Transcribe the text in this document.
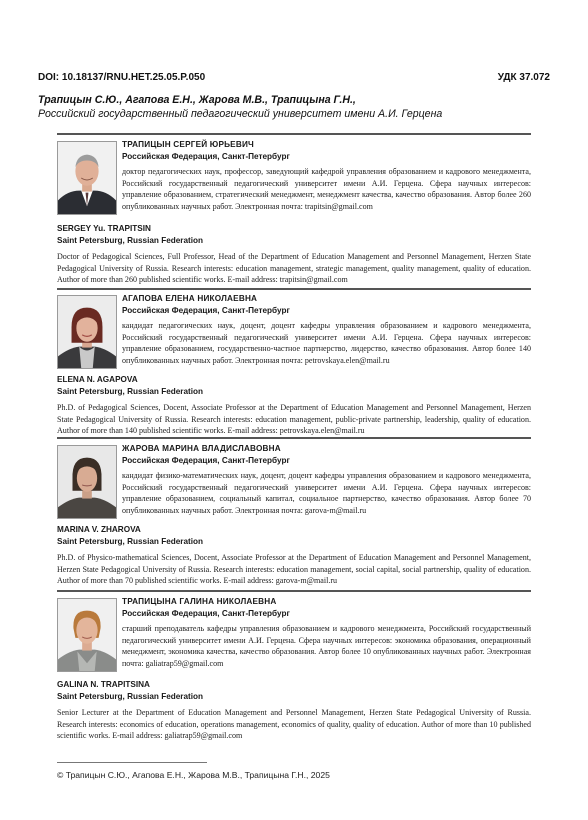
DOI: 10.18137/RNU.HET.25.05.P.050	УДК 37.072
Трапицын С.Ю., Агапова Е.Н., Жарова М.В., Трапицына Г.Н.,
Российский государственный педагогический университет имени А.И. Герцена
ТРАПИЦЫН СЕРГЕЙ ЮРЬЕВИЧ
Российская Федерация, Санкт-Петербург
доктор педагогических наук, профессор, заведующий кафедрой управления образованием и кадрового менеджмента, Российский государственный педагогический университет имени А.И. Герцена. Сфера научных интересов: управление образованием, стратегический менеджмент, менеджмент качества, качество образования. Автор более 260 опубликованных научных работ. Электронная почта: trapitsin@gmail.com
SERGEY Yu. TRAPITSIN
Saint Petersburg, Russian Federation
Doctor of Pedagogical Sciences, Full Professor, Head of the Department of Education Management and Personnel Management, Herzen State Pedagogical University of Russia. Research interests: education management, strategic management, quality management, quality of education. Author of more than 260 published scientific works. E-mail address: trapitsin@gmail.com
АГАПОВА ЕЛЕНА НИКОЛАЕВНА
Российская Федерация, Санкт-Петербург
кандидат педагогических наук, доцент, доцент кафедры управления образованием и кадрового менеджмента, Российский государственный педагогический университет имени А.И. Герцена. Сфера научных интересов: управление образованием, государственно-частное партнерство, лидерство, качество образования. Автор более 140 опубликованных научных работ. Электронная почта: petrovskaya.elen@mail.ru
ELENA N. AGAPOVA
Saint Petersburg, Russian Federation
Ph.D. of Pedagogical Sciences, Docent, Associate Professor at the Department of Education Management and Personnel Management, Herzen State Pedagogical University of Russia. Research interests: education management, public-private partnership, leadership, quality of education. Author of more than 140 published scientific works. E-mail address: petrovskaya.elen@mail.ru
ЖАРОВА МАРИНА ВЛАДИСЛАВОВНА
Российская Федерация, Санкт-Петербург
кандидат физико-математических наук, доцент, доцент кафедры управления образованием и кадрового менеджмента, Российский государственный педагогический университет имени А.И. Герцена. Сфера научных интересов: управление образованием, социальный капитал, социальное партнерство, качество образования. Автор более 70 опубликованных научных работ. Электронная почта: garova-m@mail.ru
MARINA V. ZHAROVA
Saint Petersburg, Russian Federation
Ph.D. of Physico-mathematical Sciences, Docent, Associate Professor at the Department of Education Management and Personnel Management, Herzen State Pedagogical University of Russia. Research interests: education management, social capital, social partnership, quality of education. Author of more than 70 published scientific works. E-mail address: garova-m@mail.ru
ТРАПИЦЫНА ГАЛИНА НИКОЛАЕВНА
Российская Федерация, Санкт-Петербург
старший преподаватель кафедры управления образованием и кадрового менеджмента, Российский государственный педагогический университет имени А.И. Герцена. Сфера научных интересов: экономика образования, операционный менеджмент, экономика качества, качество образования. Автор более 10 опубликованных научных работ. Электронная почта: galiatrap59@gmail.com
GALINA N. TRAPITSINA
Saint Petersburg, Russian Federation
Senior Lecturer at the Department of Education Management and Personnel Management, Herzen State Pedagogical University of Russia. Research interests: economics of education, operations management, economics of quality, quality of education. Author of more than 10 published scientific works. E-mail address: galiatrap59@gmail.com
© Трапицын С.Ю., Агапова Е.Н., Жарова М.В., Трапицына Г.Н., 2025
